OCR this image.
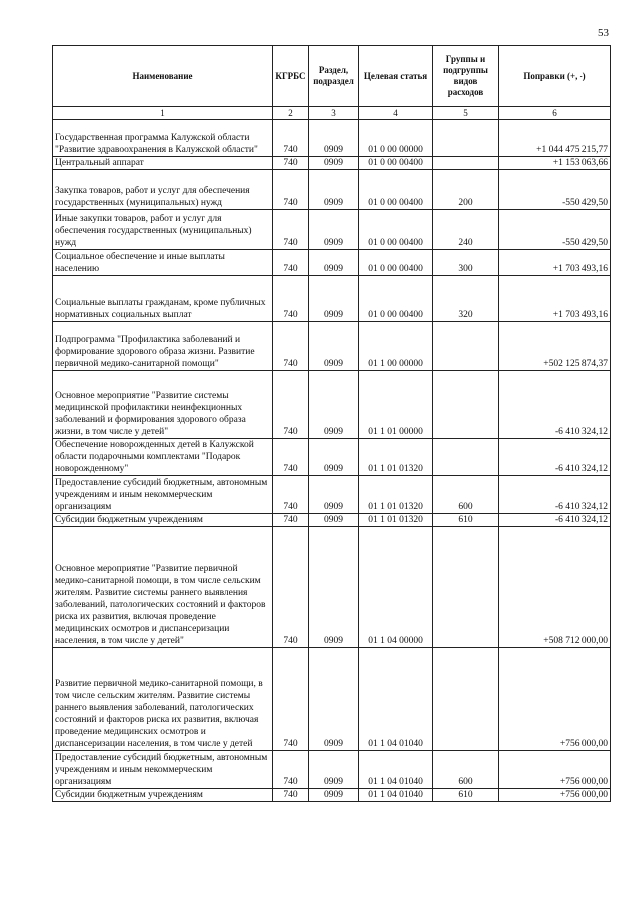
53
Наименование	КГРБС	Раздел, подраздел	Целевая статья	Группы и подгруппы видов расходов	Поправки (+, -)
1	2	3	4	5	6
Государственная программа Калужской области "Развитие здравоохранения в Калужской области"	740	0909	01 0 00 00000		+1 044 475 215,77
Центральный аппарат	740	0909	01 0 00 00400		+1 153 063,66
Закупка товаров, работ и услуг для обеспечения государственных (муниципальных) нужд	740	0909	01 0 00 00400	200	-550 429,50
Иные закупки товаров, работ и услуг для обеспечения государственных (муниципальных) нужд	740	0909	01 0 00 00400	240	-550 429,50
Социальное обеспечение и иные выплаты населению	740	0909	01 0 00 00400	300	+1 703 493,16
Социальные выплаты гражданам, кроме публичных нормативных социальных выплат	740	0909	01 0 00 00400	320	+1 703 493,16
Подпрограмма "Профилактика заболеваний и формирование здорового образа жизни. Развитие первичной медико-санитарной помощи"	740	0909	01 1 00 00000		+502 125 874,37
Основное мероприятие "Развитие системы медицинской профилактики неинфекционных заболеваний и формирования здорового образа жизни, в том числе у детей"	740	0909	01 1 01 00000		-6 410 324,12
Обеспечение новорожденных детей в Калужской области подарочными комплектами "Подарок новорожденному"	740	0909	01 1 01 01320		-6 410 324,12
Предоставление субсидий бюджетным, автономным учреждениям и иным некоммерческим организациям	740	0909	01 1 01 01320	600	-6 410 324,12
Субсидии бюджетным учреждениям	740	0909	01 1 01 01320	610	-6 410 324,12
Основное мероприятие "Развитие первичной медико-санитарной помощи, в том числе сельским жителям. Развитие системы раннего выявления заболеваний, патологических состояний и факторов риска их развития, включая проведение медицинских осмотров и диспансеризации населения, в том числе у детей"	740	0909	01 1 04 00000		+508 712 000,00
Развитие первичной медико-санитарной помощи, в том числе сельским жителям. Развитие системы раннего выявления заболеваний, патологических состояний и факторов риска их развития, включая проведение медицинских осмотров и диспансеризации населения, в том числе у детей	740	0909	01 1 04 01040		+756 000,00
Предоставление субсидий бюджетным, автономным учреждениям и иным некоммерческим организациям	740	0909	01 1 04 01040	600	+756 000,00
Субсидии бюджетным учреждениям	740	0909	01 1 04 01040	610	+756 000,00
